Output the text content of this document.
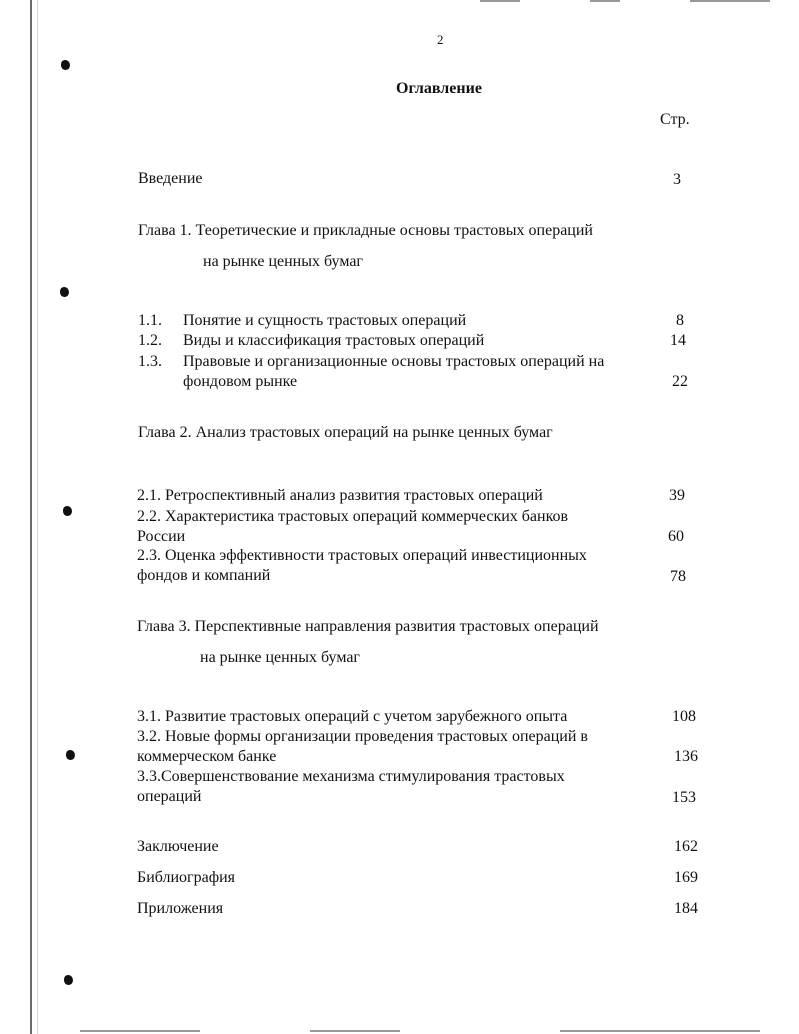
2
Оглавление
Стр.
Введение	3
Глава 1. Теоретические и прикладные основы трастовых операций
на рынке ценных бумаг
1.1. Понятие и сущность трастовых операций	8
1.2. Виды и классификация трастовых операций	14
1.3. Правовые и организационные основы трастовых операций на
фондовом рынке	22
Глава 2. Анализ трастовых операций на рынке ценных бумаг
2.1. Ретроспективный анализ развития трастовых операций	39
2.2. Характеристика трастовых операций коммерческих банков
России	60
2.3. Оценка эффективности трастовых операций инвестиционных
фондов и компаний	78
Глава 3. Перспективные направления развития трастовых операций
на рынке ценных бумаг
3.1. Развитие трастовых операций с учетом зарубежного опыта	108
3.2. Новые формы организации проведения трастовых операций в
коммерческом банке	136
3.3.Совершенствование механизма стимулирования трастовых
операций	153
Заключение	162
Библиография	169
Приложения	184
